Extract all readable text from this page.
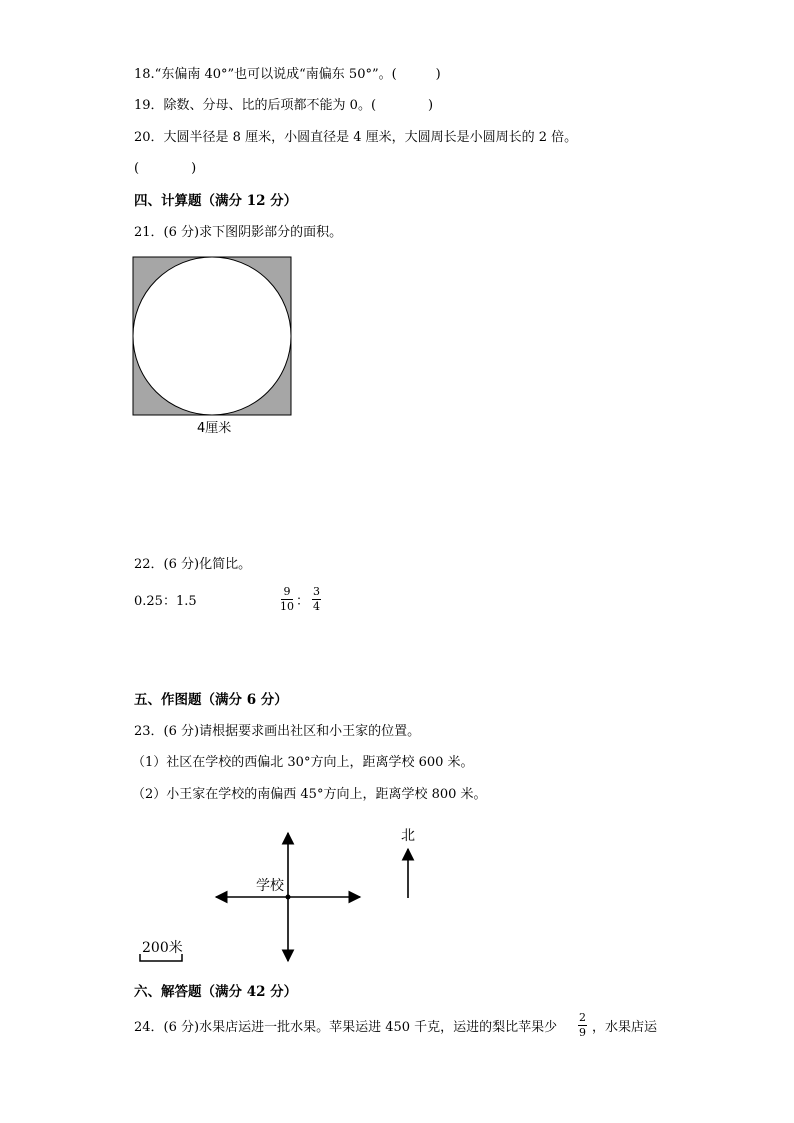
18.“东偏南 40°”也可以说成“南偏东 50°”。(　　　)
19．除数、分母、比的后项都不能为 0。(　　　　)
20．大圆半径是 8 厘米，小圆直径是 4 厘米，大圆周长是小圆周长的 2 倍。
(　　　　)
四、计算题（满分 12 分）
21．(6 分)求下图阴影部分的面积。
4厘米
22．(6 分)化简比。
0.25：1.5
9
10 ：
3
4
五、作图题（满分 6 分）
23．(6 分)请根据要求画出社区和小王家的位置。
（1）社区在学校的西偏北 30°方向上，距离学校 600 米。
（2）小王家在学校的南偏西 45°方向上，距离学校 800 米。
学校
北
200米
六、解答题（满分 42 分）
24．(6 分)水果店运进一批水果。苹果运进 450 千克，运进的梨比苹果少
2
9 ，水果店运
